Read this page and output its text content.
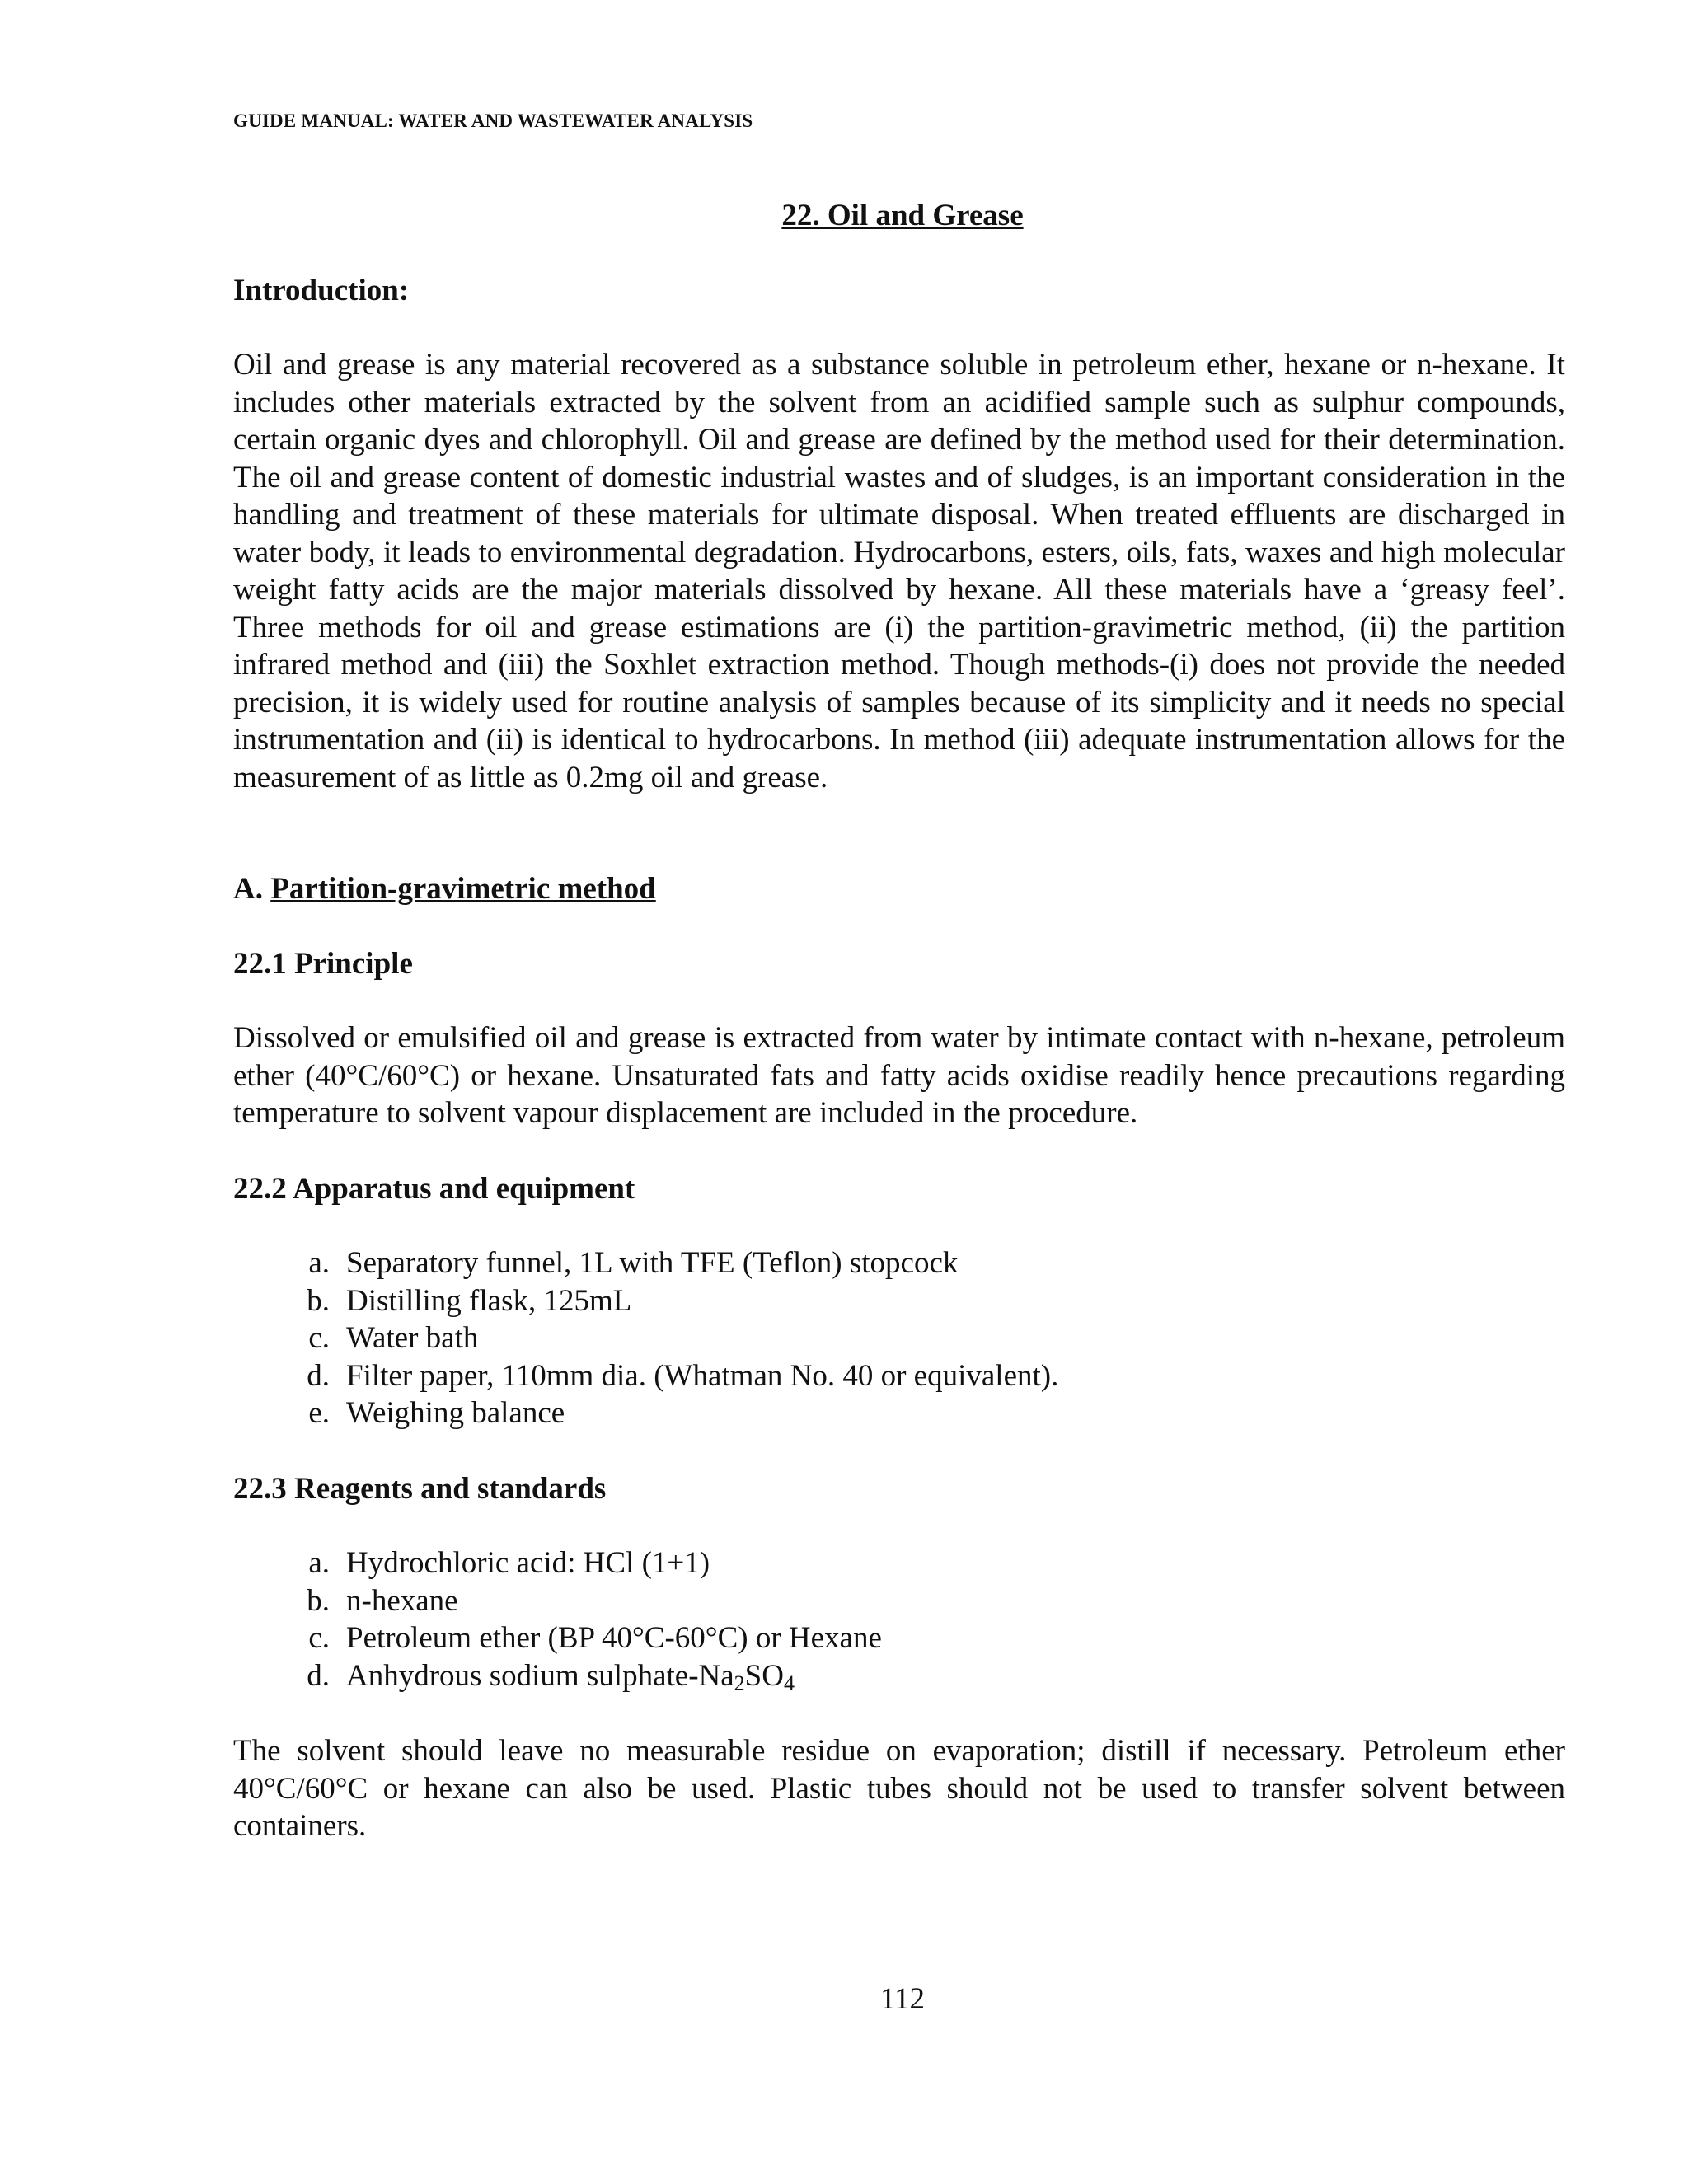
GUIDE MANUAL: WATER AND WASTEWATER ANALYSIS
22. Oil and Grease
Introduction:
Oil and grease is any material recovered as a substance soluble in petroleum ether, hexane or n-hexane. It includes other materials extracted by the solvent from an acidified sample such as sulphur compounds, certain organic dyes and chlorophyll. Oil and grease are defined by the method used for their determination. The oil and grease content of domestic industrial wastes and of sludges, is an important consideration in the handling and treatment of these materials for ultimate disposal. When treated effluents are discharged in water body, it leads to environmental degradation. Hydrocarbons, esters, oils, fats, waxes and high molecular weight fatty acids are the major materials dissolved by hexane. All these materials have a ‘greasy feel’. Three methods for oil and grease estimations are (i) the partition-gravimetric method, (ii) the partition infrared method and (iii) the Soxhlet extraction method. Though methods-(i) does not provide the needed precision, it is widely used for routine analysis of samples because of its simplicity and it needs no special instrumentation and (ii) is identical to hydrocarbons. In method (iii) adequate instrumentation allows for the measurement of as little as 0.2mg oil and grease.
A. Partition-gravimetric method
22.1 Principle
Dissolved or emulsified oil and grease is extracted from water by intimate contact with n-hexane, petroleum ether (40°C/60°C) or hexane. Unsaturated fats and fatty acids oxidise readily hence precautions regarding temperature to solvent vapour displacement are included in the procedure.
22.2 Apparatus and equipment
a. Separatory funnel, 1L with TFE (Teflon) stopcock
b. Distilling flask, 125mL
c. Water bath
d. Filter paper, 110mm dia. (Whatman No. 40 or equivalent).
e. Weighing balance
22.3 Reagents and standards
a. Hydrochloric acid: HCl (1+1)
b. n-hexane
c. Petroleum ether (BP 40°C-60°C) or Hexane
d. Anhydrous sodium sulphate-$Na_2SO_4$
The solvent should leave no measurable residue on evaporation; distill if necessary. Petroleum ether 40°C/60°C or hexane can also be used. Plastic tubes should not be used to transfer solvent between containers.
112
